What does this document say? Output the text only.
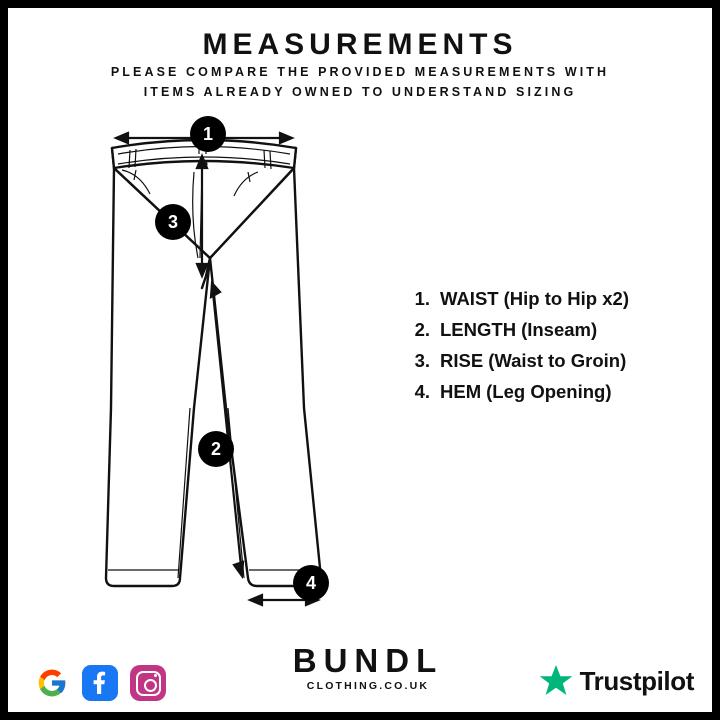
MEASUREMENTS
PLEASE COMPARE THE PROVIDED MEASUREMENTS WITH
ITEMS ALREADY OWNED TO UNDERSTAND SIZING
1
2
3
4
1. WAIST (Hip to Hip x2)
2. LENGTH (Inseam)
3. RISE (Waist to Groin)
4. HEM (Leg Opening)
BUNDL
CLOTHING.CO.UK	Trustpilot
